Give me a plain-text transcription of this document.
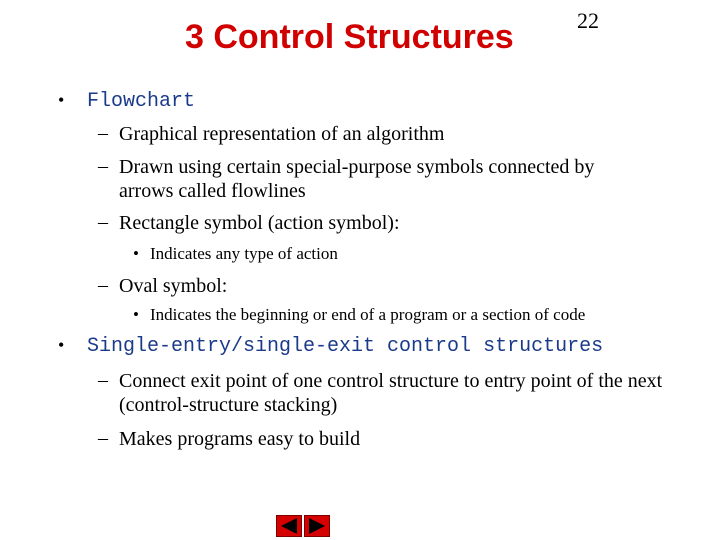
3 Control Structures	22
• Flowchart
– Graphical representation of an algorithm
– Drawn using certain special-purpose symbols connected by arrows called flowlines
– Rectangle symbol (action symbol):
• Indicates any type of action
– Oval symbol:
• Indicates the beginning or end of a program or a section of code
• Single-entry/single-exit control structures
– Connect exit point of one control structure to entry point of the next (control-structure stacking)
– Makes programs easy to build
